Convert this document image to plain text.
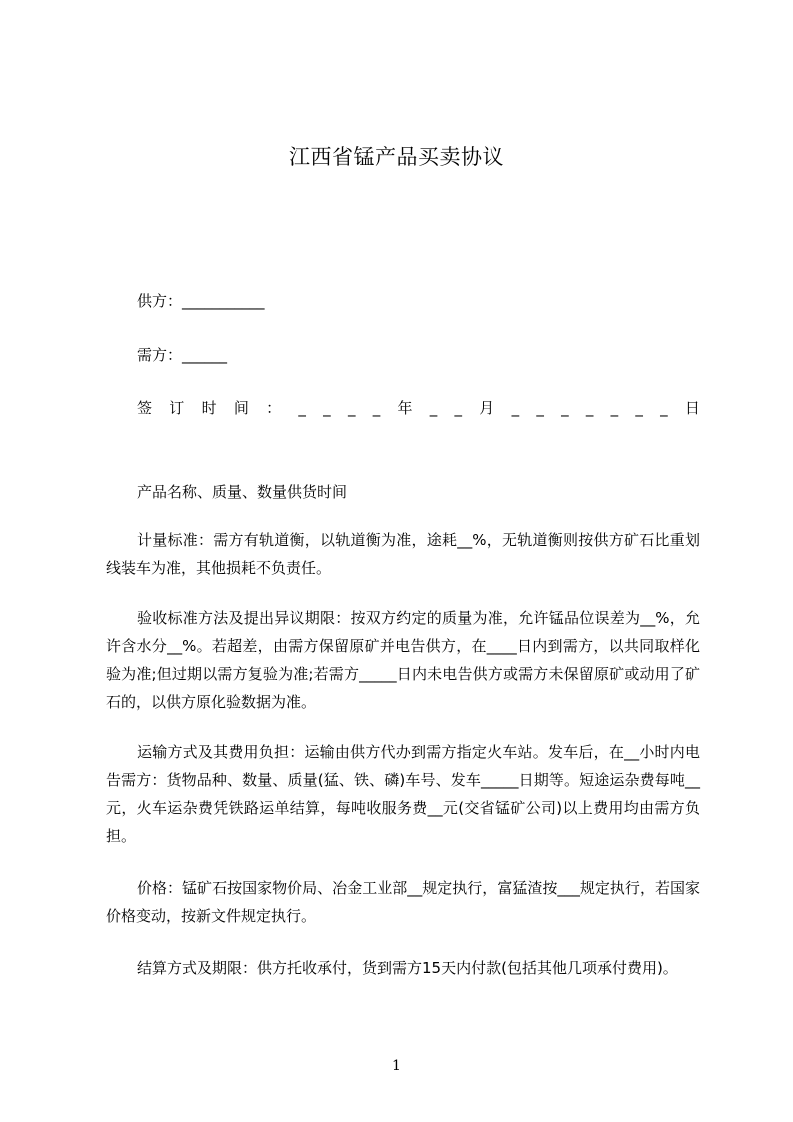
江西省锰产品买卖协议
供方：___________
需方：______
签 订 时 间 ： _ _ _ _ 年 _ _ 月 _ _ _ _ _ _ _ 日
产品名称、质量、数量供货时间
计量标准：需方有轨道衡，以轨道衡为准，途耗__%，无轨道衡则按供方矿石比重划线装车为准，其他损耗不负责任。
验收标准方法及提出异议期限：按双方约定的质量为准，允许锰品位误差为__%，允许含水分__%。若超差，由需方保留原矿并电告供方，在____日内到需方，以共同取样化验为准;但过期以需方复验为准;若需方_____日内未电告供方或需方未保留原矿或动用了矿石的，以供方原化验数据为准。
运输方式及其费用负担：运输由供方代办到需方指定火车站。发车后，在__小时内电告需方：货物品种、数量、质量(猛、铁、磷)车号、发车_____日期等。短途运杂费每吨__元，火车运杂费凭铁路运单结算，每吨收服务费__元(交省锰矿公司)以上费用均由需方负担。
价格：锰矿石按国家物价局、冶金工业部__规定执行，富猛渣按___规定执行，若国家价格变动，按新文件规定执行。
结算方式及期限：供方托收承付，货到需方15天内付款(包括其他几项承付费用)。
1
